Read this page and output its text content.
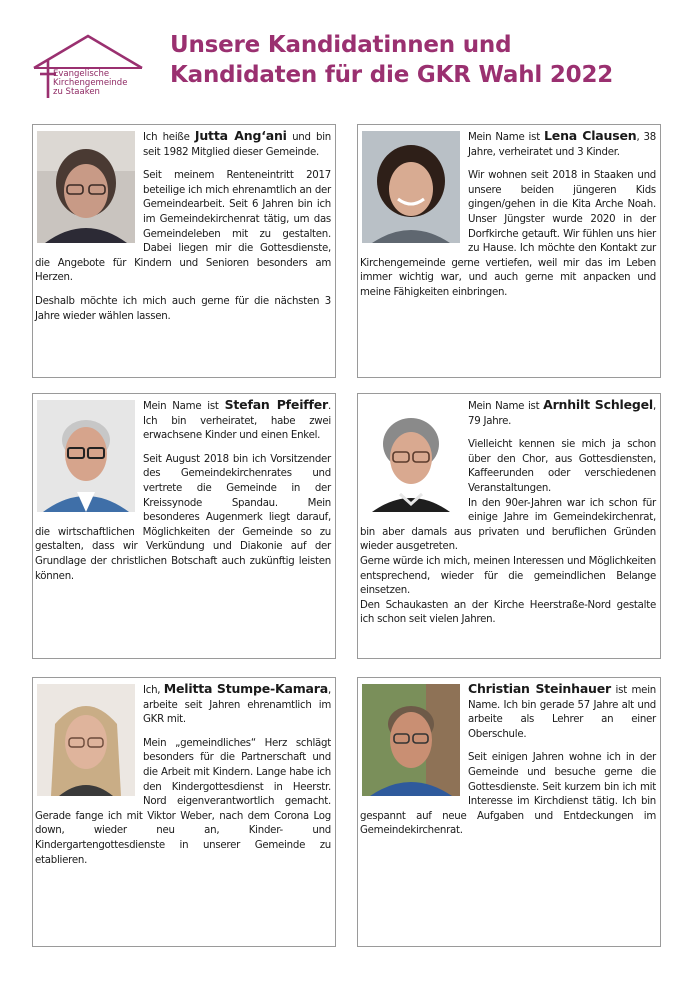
Evangelische
Kirchengemeinde
zu Staaken
Unsere Kandidatinnen und
Kandidaten für die GKR Wahl 2022

Ich heiße Jutta Ang‘ani und bin seit 1982 Mitglied dieser Gemeinde.

Seit meinem Renteneintritt 2017 beteilige ich mich ehrenamtlich an der Gemeindearbeit. Seit 6 Jahren bin ich im Gemeindekirchenrat tätig, um das Gemeindeleben mit zu gestalten. Dabei liegen mir die Gottesdienste, die Angebote für Kindern und Senioren besonders am Herzen.

Deshalb möchte ich mich auch gerne für die nächsten 3 Jahre wieder wählen lassen.

Mein Name ist Lena Clausen, 38 Jahre, verheiratet und 3 Kinder.

Wir wohnen seit 2018 in Staaken und unsere beiden jüngeren Kids gingen/gehen in die Kita Arche Noah. Unser Jüngster wurde 2020 in der Dorfkirche getauft. Wir fühlen uns hier zu Hause. Ich möchte den Kontakt zur Kirchengemeinde gerne vertiefen, weil mir das im Leben immer wichtig war, und auch gerne mit anpacken und meine Fähigkeiten einbringen.

Mein Name ist Stefan Pfeiffer. Ich bin verheiratet, habe zwei erwachsene Kinder und einen Enkel.

Seit August 2018 bin ich Vorsitzender des Gemeindekirchenrates und vertrete die Gemeinde in der Kreissynode Spandau. Mein besonderes Augenmerk liegt darauf, die wirtschaftlichen Möglichkeiten der Gemeinde so zu gestalten, dass wir Verkündung und Diakonie auf der Grundlage der christlichen Botschaft auch zukünftig leisten können.

Mein Name ist Arnhilt Schlegel, 79 Jahre.

Vielleicht kennen sie mich ja schon über den Chor, aus Gottesdiensten, Kaffeerunden oder verschiedenen Veranstaltungen.

In den 90er-Jahren war ich schon für einige Jahre im Gemeindekirchenrat, bin aber damals aus privaten und beruflichen Gründen wieder ausgetreten.

Gerne würde ich mich, meinen Interessen und Möglichkeiten entsprechend, wieder für die gemeindlichen Belange einsetzen.

Den Schaukasten an der Kirche Heerstraße-Nord gestalte ich schon seit vielen Jahren.

Ich, Melitta Stumpe-Kamara, arbeite seit Jahren ehrenamtlich im GKR mit.

Mein „gemeindliches“ Herz schlägt besonders für die Partnerschaft und die Arbeit mit Kindern. Lange habe ich den Kindergottesdienst in Heerstr. Nord eigenverantwortlich gemacht. Gerade fange ich mit Viktor Weber, nach dem Corona Log down, wieder neu an, Kinder- und Kindergartengottesdienste in unserer Gemeinde zu etablieren.

Christian Steinhauer ist mein Name. Ich bin gerade 57 Jahre alt und arbeite als Lehrer an einer Oberschule.

Seit einigen Jahren wohne ich in der Gemeinde und besuche gerne die Gottesdienste. Seit kurzem bin ich mit Interesse im Kirchdienst tätig. Ich bin gespannt auf neue Aufgaben und Entdeckungen im Gemeindekirchenrat.
